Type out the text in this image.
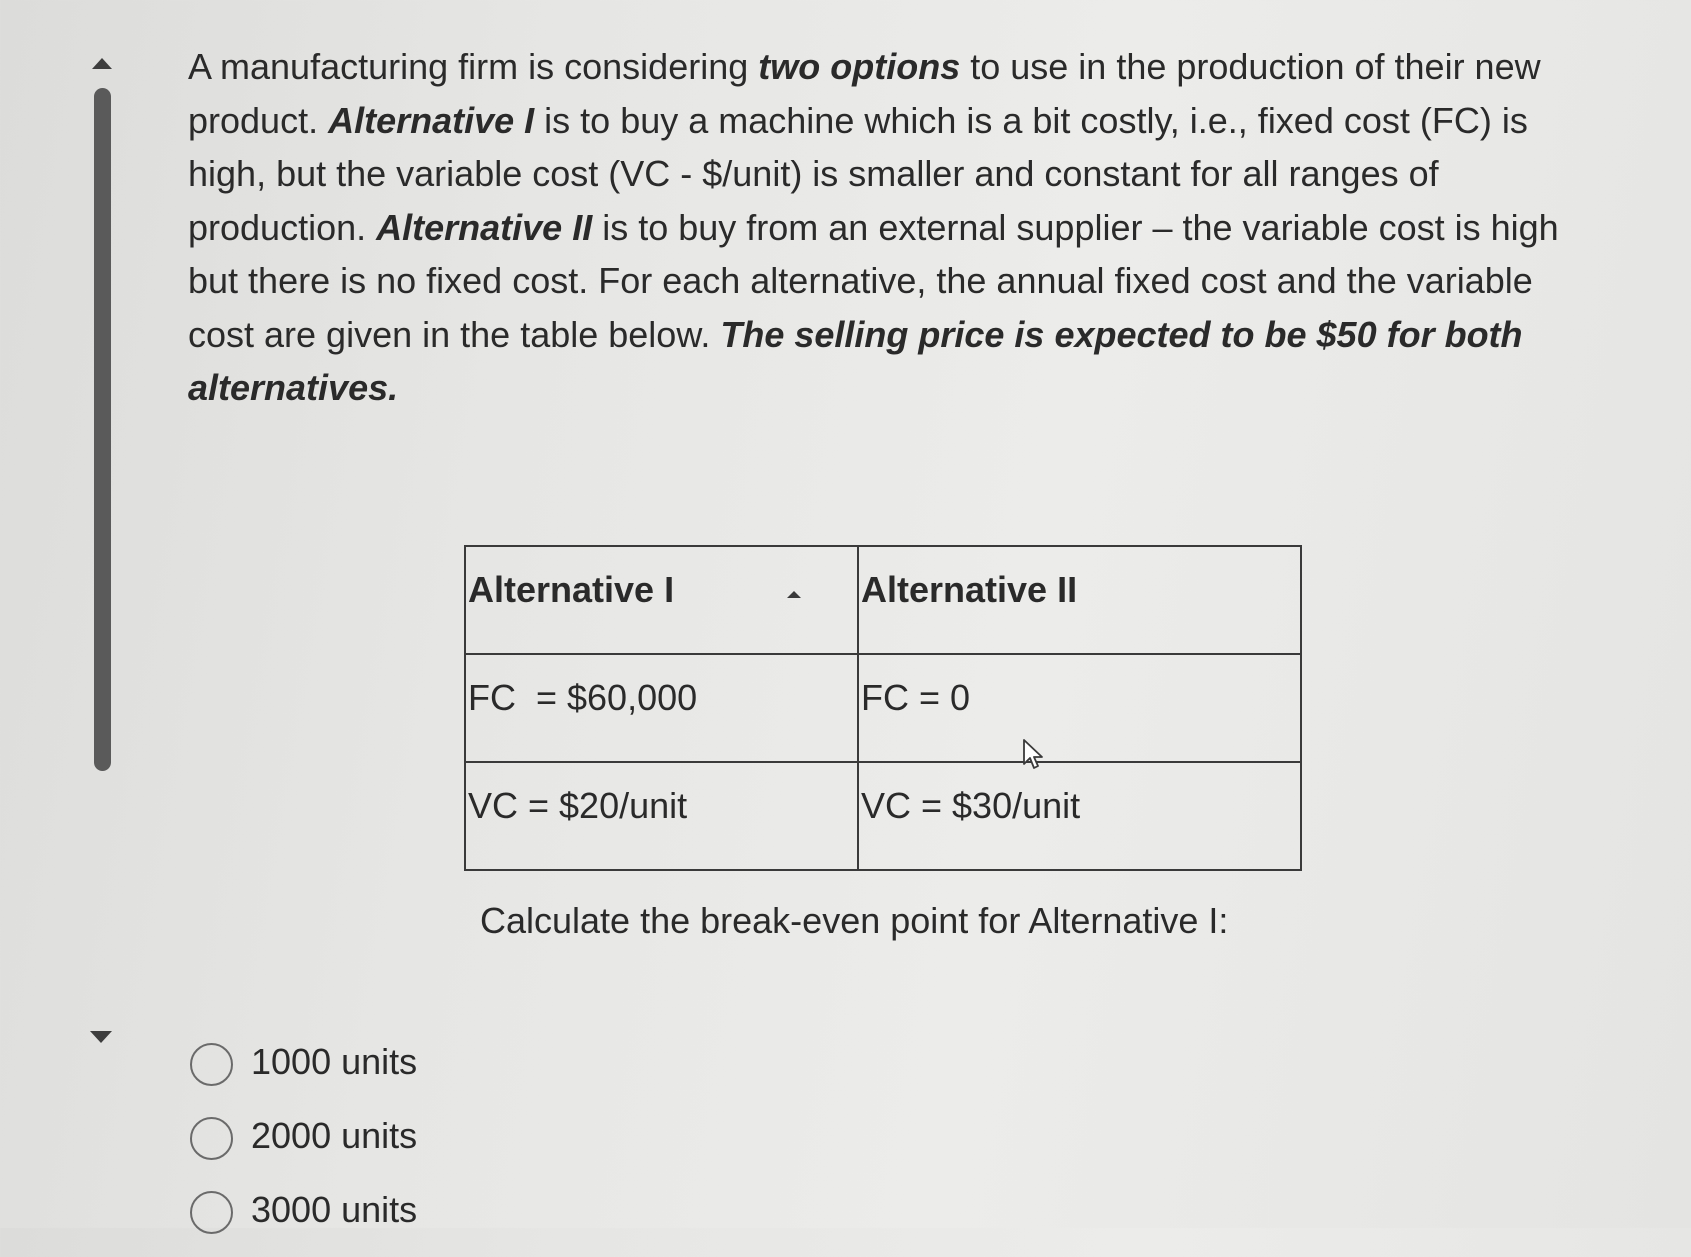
A manufacturing firm is considering two options to use in the production of their new product. Alternative I is to buy a machine which is a bit costly, i.e., fixed cost (FC) is high, but the variable cost (VC - $/unit) is smaller and constant for all ranges of production. Alternative II is to buy from an external supplier – the variable cost is high but there is no fixed cost. For each alternative, the annual fixed cost and the variable cost are given in the table below. The selling price is expected to be $50 for both alternatives.

Alternative I	Alternative II
FC  = $60,000	FC = 0
VC = $20/unit	VC = $30/unit

Calculate the break-even point for Alternative I:

1000 units
2000 units
3000 units
